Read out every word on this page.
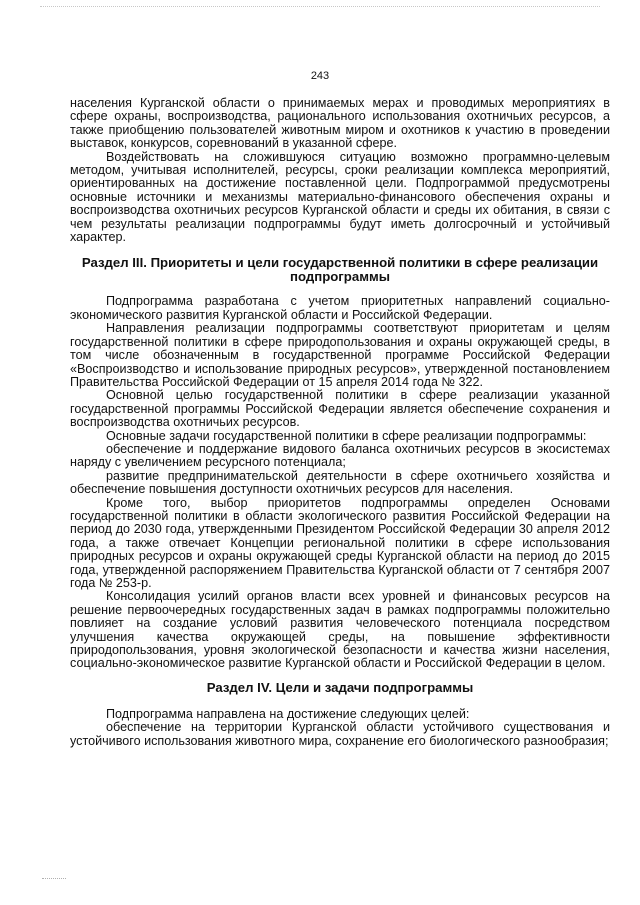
243

населения Курганской области о принимаемых мерах и проводимых мероприятиях в сфере охраны, воспроизводства, рационального использования охотничьих ресурсов, а также приобщению пользователей животным миром и охотников к участию в проведении выставок, конкурсов, соревнований в указанной сфере.

Воздействовать на сложившуюся ситуацию возможно программно-целевым методом, учитывая исполнителей, ресурсы, сроки реализации комплекса мероприятий, ориентированных на достижение поставленной цели. Подпрограммой предусмотрены основные источники и механизмы материально-финансового обеспечения охраны и воспроизводства охотничьих ресурсов Курганской области и среды их обитания, в связи с чем результаты реализации подпрограммы будут иметь долгосрочный и устойчивый характер.

Раздел III. Приоритеты и цели государственной политики в сфере реализации подпрограммы

Подпрограмма разработана с учетом приоритетных направлений социально-экономического развития Курганской области и Российской Федерации.

Направления реализации подпрограммы соответствуют приоритетам и целям государственной политики в сфере природопользования и охраны окружающей среды, в том числе обозначенным в государственной программе Российской Федерации «Воспроизводство и использование природных ресурсов», утвержденной постановлением Правительства Российской Федерации от 15 апреля 2014 года № 322.

Основной целью государственной политики в сфере реализации указанной государственной программы Российской Федерации является обеспечение сохранения и воспроизводства охотничьих ресурсов.

Основные задачи государственной политики в сфере реализации подпрограммы:

обеспечение и поддержание видового баланса охотничьих ресурсов в экосистемах наряду с увеличением ресурсного потенциала;

развитие предпринимательской деятельности в сфере охотничьего хозяйства и обеспечение повышения доступности охотничьих ресурсов для населения.

Кроме того, выбор приоритетов подпрограммы определен Основами государственной политики в области экологического развития Российской Федерации на период до 2030 года, утвержденными Президентом Российской Федерации 30 апреля 2012 года, а также отвечает Концепции региональной политики в сфере использования природных ресурсов и охраны окружающей среды Курганской области на период до 2015 года, утвержденной распоряжением Правительства Курганской области от 7 сентября 2007 года № 253-р.

Консолидация усилий органов власти всех уровней и финансовых ресурсов на решение первоочередных государственных задач в рамках подпрограммы положительно повлияет на создание условий развития человеческого потенциала посредством улучшения качества окружающей среды, на повышение эффективности природопользования, уровня экологической безопасности и качества жизни населения, социально-экономическое развитие Курганской области и Российской Федерации в целом.

Раздел IV. Цели и задачи подпрограммы

Подпрограмма направлена на достижение следующих целей:

обеспечение на территории Курганской области устойчивого существования и устойчивого использования животного мира, сохранение его биологического разнообразия;
